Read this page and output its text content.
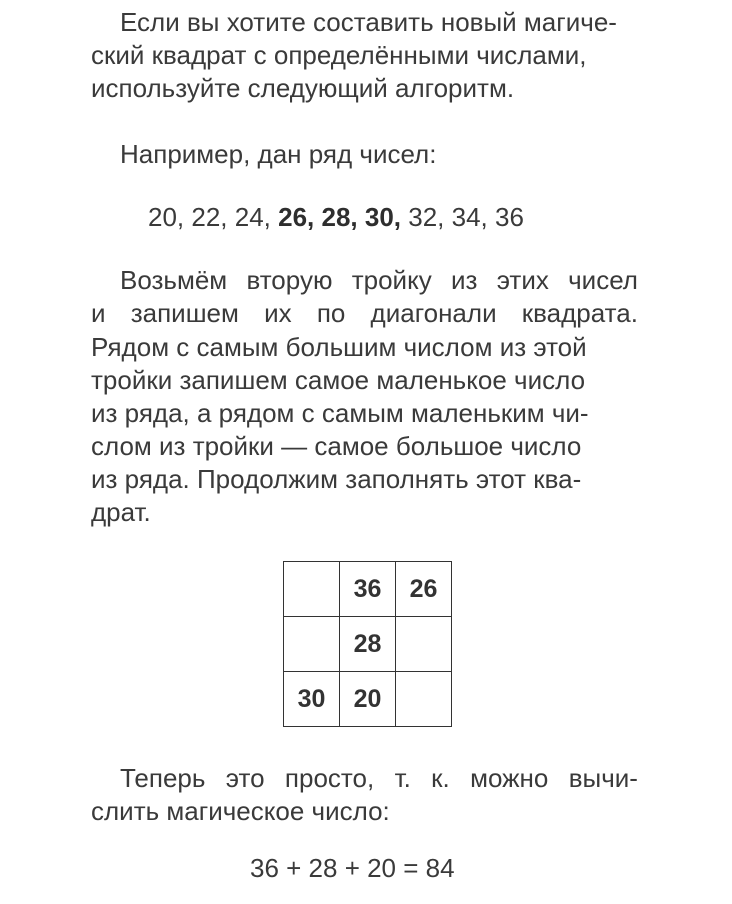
Если вы хотите составить новый магиче-
ский квадрат с определёнными числами,
используйте следующий алгоритм.
Например, дан ряд чисел:
20, 22, 24, 26, 28, 30, 32, 34, 36
Возьмём вторую тройку из этих чисел
и запишем их по диагонали квадрата.
Рядом с самым большим числом из этой
тройки запишем самое маленькое число
из ряда, а рядом с самым маленьким чи-
слом из тройки — самое большое число
из ряда. Продолжим заполнять этот ква-
драт.
	36	26
	28	
30	20	
Теперь это просто, т. к. можно вычи-
слить магическое число:
36 + 28 + 20 = 84
